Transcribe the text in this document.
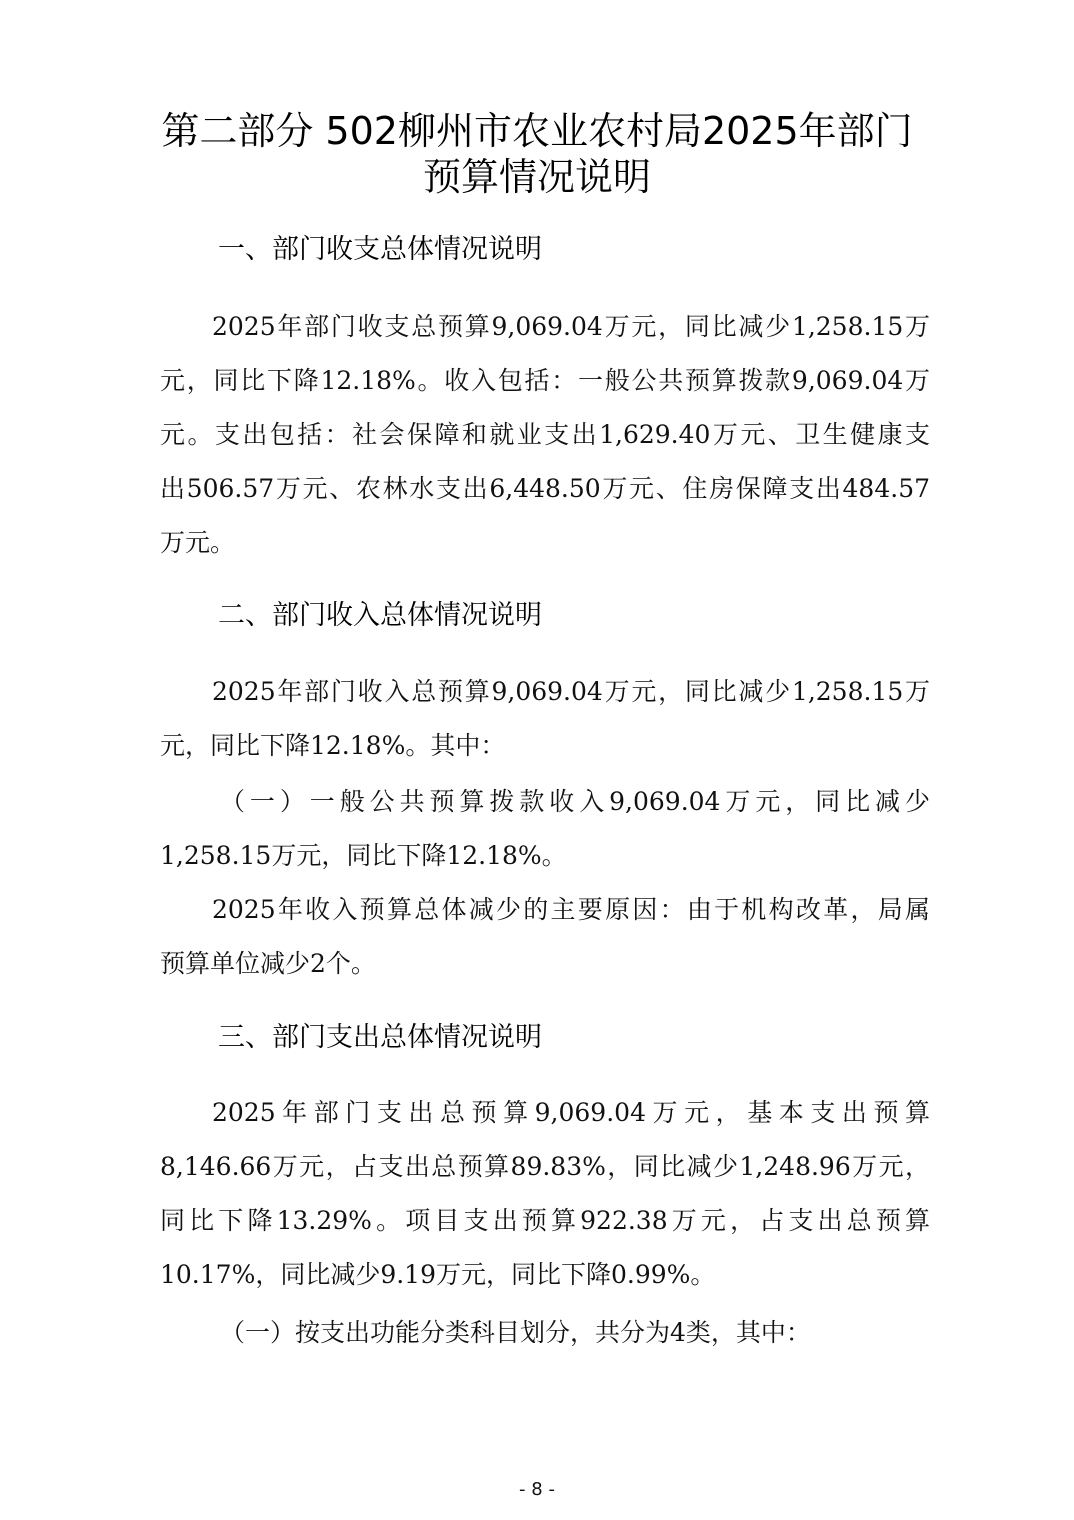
第二部分 502柳州市农业农村局2025年部门
预算情况说明
一、部门收支总体情况说明
2025年部门收支总预算9,069.04万元，同比减少1,258.15万
元，同比下降12.18%。收入包括：一般公共预算拨款9,069.04万
元。支出包括：社会保障和就业支出1,629.40万元、卫生健康支
出506.57万元、农林水支出6,448.50万元、住房保障支出484.57
万元。
二、部门收入总体情况说明
2025年部门收入总预算9,069.04万元，同比减少1,258.15万
元，同比下降12.18%。其中：
（一）一般公共预算拨款收入9,069.04万元，同比减少
1,258.15万元，同比下降12.18%。
2025年收入预算总体减少的主要原因：由于机构改革，局属
预算单位减少2个。
三、部门支出总体情况说明
2025年部门支出总预算9,069.04万元，基本支出预算
8,146.66万元，占支出总预算89.83%，同比减少1,248.96万元，
同比下降13.29%。项目支出预算922.38万元，占支出总预算
10.17%，同比减少9.19万元，同比下降0.99%。
（一）按支出功能分类科目划分，共分为4类，其中：
- 8 -
